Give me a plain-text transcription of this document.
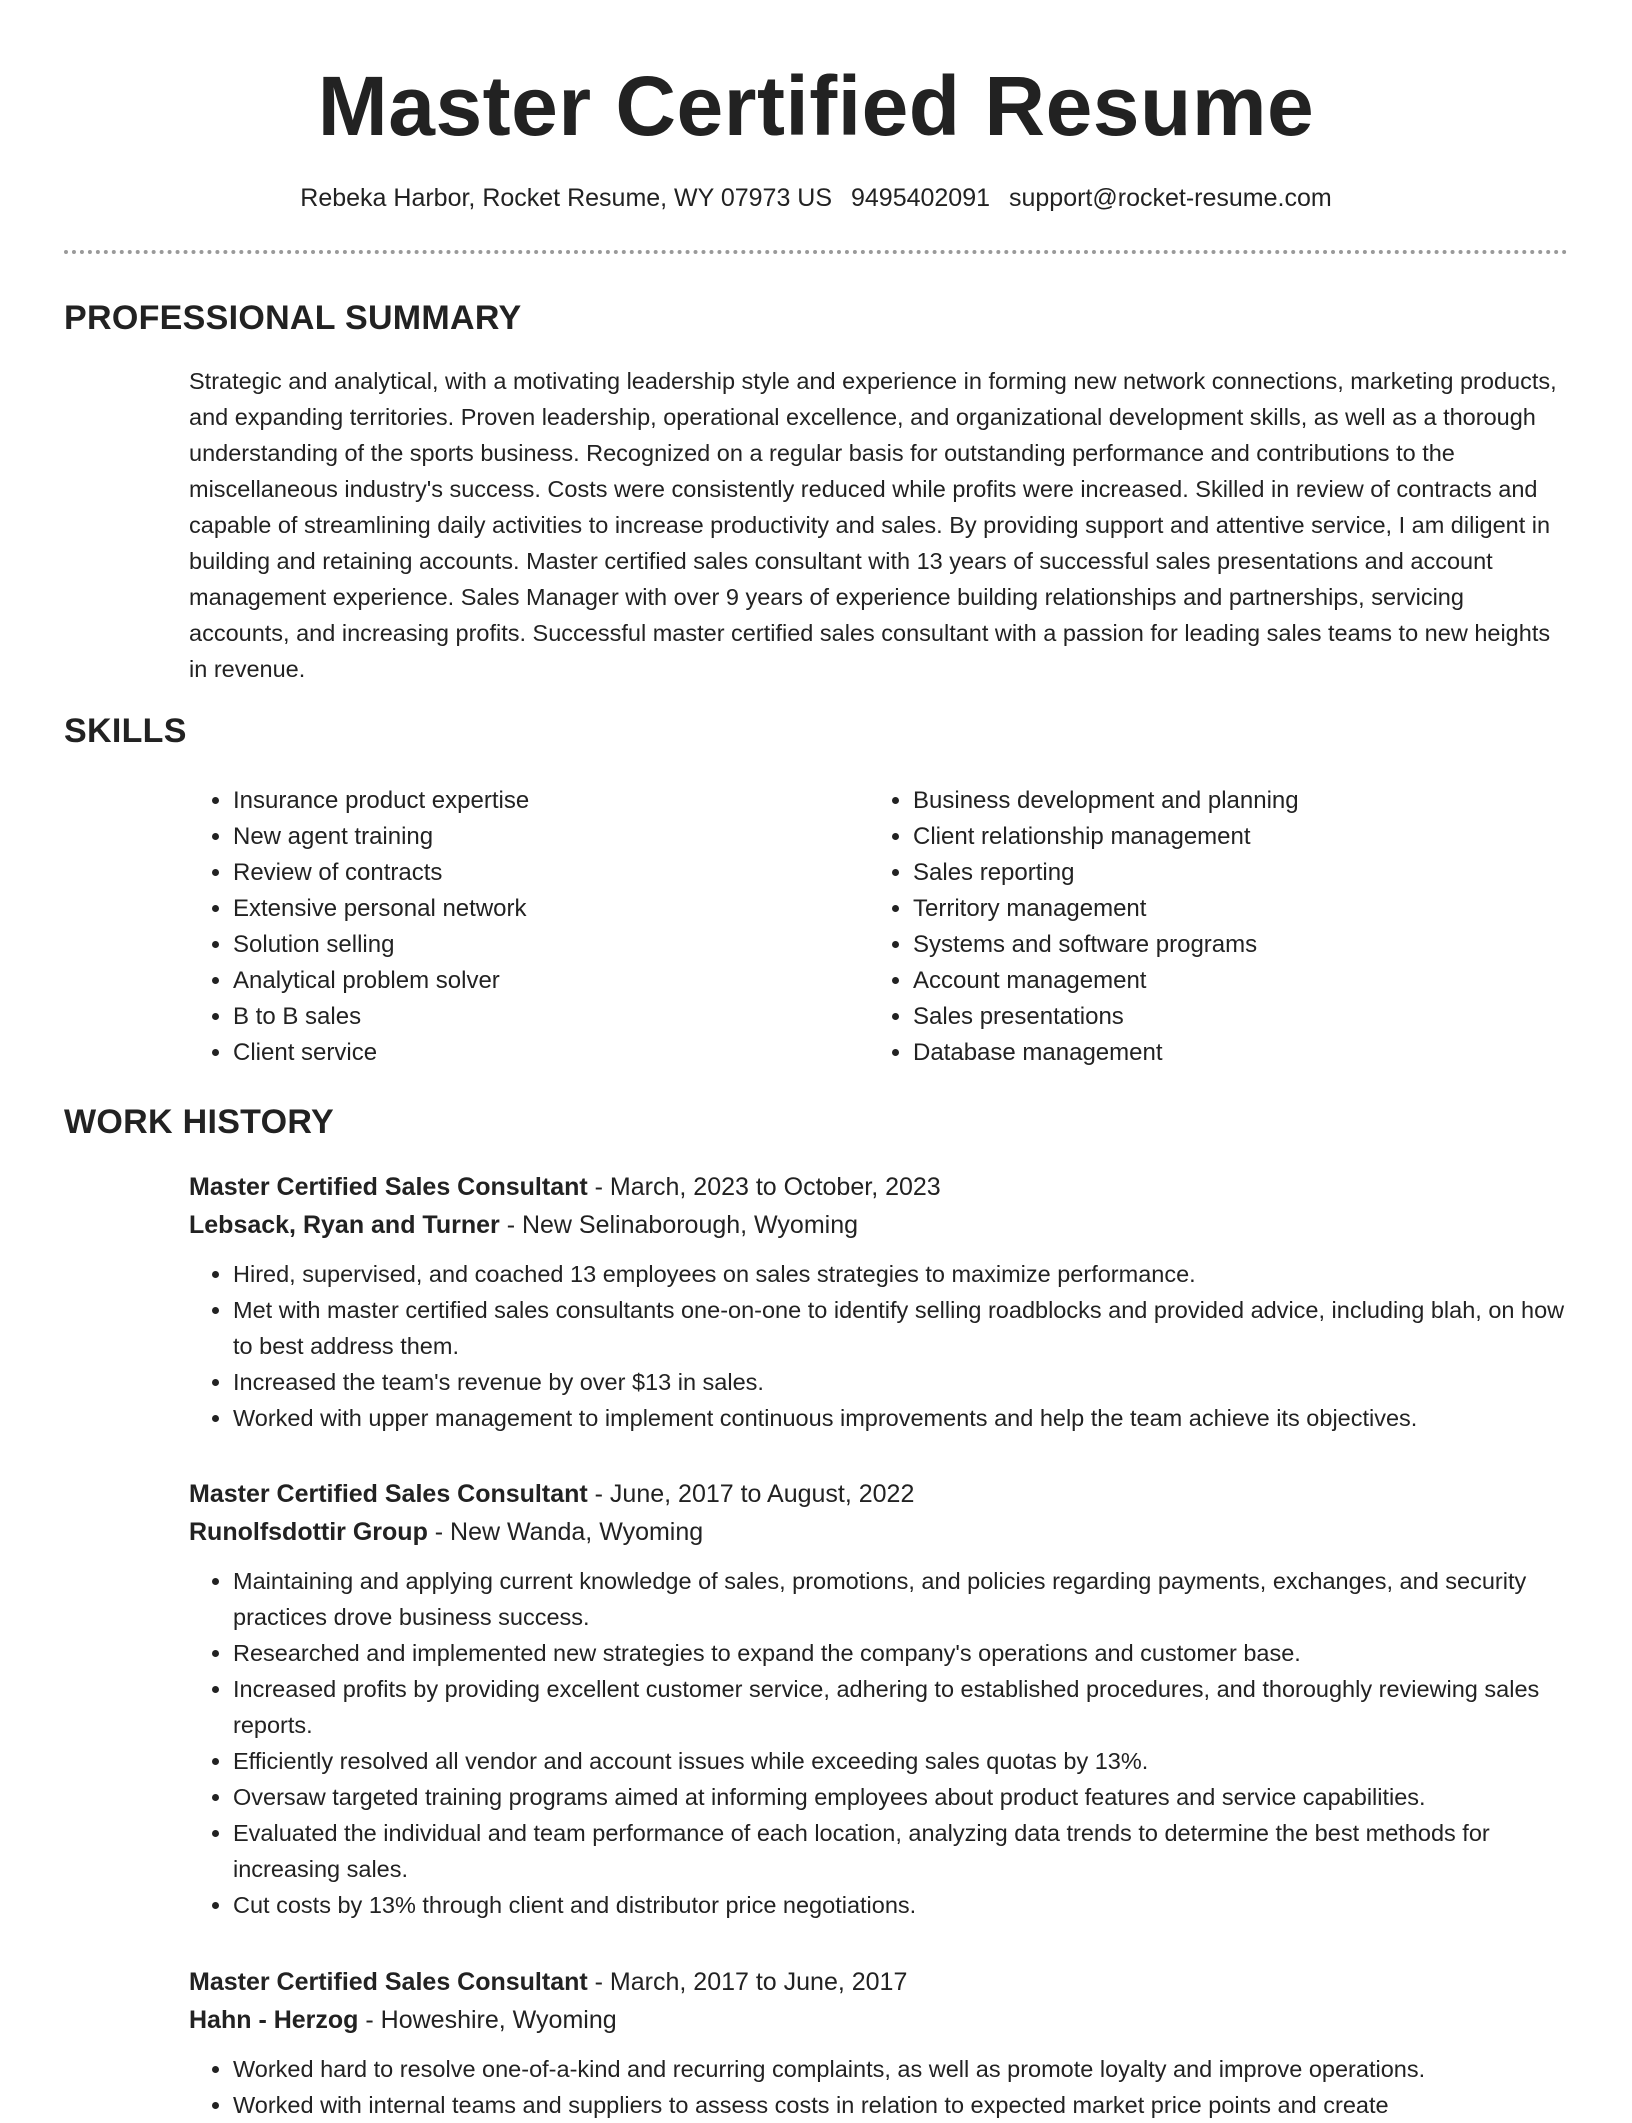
Master Certified Resume
Rebeka Harbor, Rocket Resume, WY 07973 US 9495402091 support@rocket-resume.com
PROFESSIONAL SUMMARY

Strategic and analytical, with a motivating leadership style and experience in forming new network connections, marketing products, and expanding territories. Proven leadership, operational excellence, and organizational development skills, as well as a thorough understanding of the sports business. Recognized on a regular basis for outstanding performance and contributions to the miscellaneous industry's success. Costs were consistently reduced while profits were increased. Skilled in review of contracts and capable of streamlining daily activities to increase productivity and sales. By providing support and attentive service, I am diligent in building and retaining accounts. Master certified sales consultant with 13 years of successful sales presentations and account management experience. Sales Manager with over 9 years of experience building relationships and partnerships, servicing accounts, and increasing profits. Successful master certified sales consultant with a passion for leading sales teams to new heights in revenue.

SKILLS
• Insurance product expertise
• New agent training
• Review of contracts
• Extensive personal network
• Solution selling
• Analytical problem solver
• B to B sales
• Client service
• Business development and planning
• Client relationship management
• Sales reporting
• Territory management
• Systems and software programs
• Account management
• Sales presentations
• Database management
WORK HISTORY
Master Certified Sales Consultant - March, 2023 to October, 2023
Lebsack, Ryan and Turner - New Selinaborough, Wyoming
• Hired, supervised, and coached 13 employees on sales strategies to maximize performance.
• Met with master certified sales consultants one-on-one to identify selling roadblocks and provided advice, including blah, on how to best address them.
• Increased the team's revenue by over $13 in sales.
• Worked with upper management to implement continuous improvements and help the team achieve its objectives.
Master Certified Sales Consultant - June, 2017 to August, 2022
Runolfsdottir Group - New Wanda, Wyoming
• Maintaining and applying current knowledge of sales, promotions, and policies regarding payments, exchanges, and security practices drove business success.
• Researched and implemented new strategies to expand the company's operations and customer base.
• Increased profits by providing excellent customer service, adhering to established procedures, and thoroughly reviewing sales reports.
• Efficiently resolved all vendor and account issues while exceeding sales quotas by 13%.
• Oversaw targeted training programs aimed at informing employees about product features and service capabilities.
• Evaluated the individual and team performance of each location, analyzing data trends to determine the best methods for increasing sales.
• Cut costs by 13% through client and distributor price negotiations.
Master Certified Sales Consultant - March, 2017 to June, 2017
Hahn - Herzog - Howeshire, Wyoming
• Worked hard to resolve one-of-a-kind and recurring complaints, as well as promote loyalty and improve operations.
• Worked with internal teams and suppliers to assess costs in relation to expected market price points and create
